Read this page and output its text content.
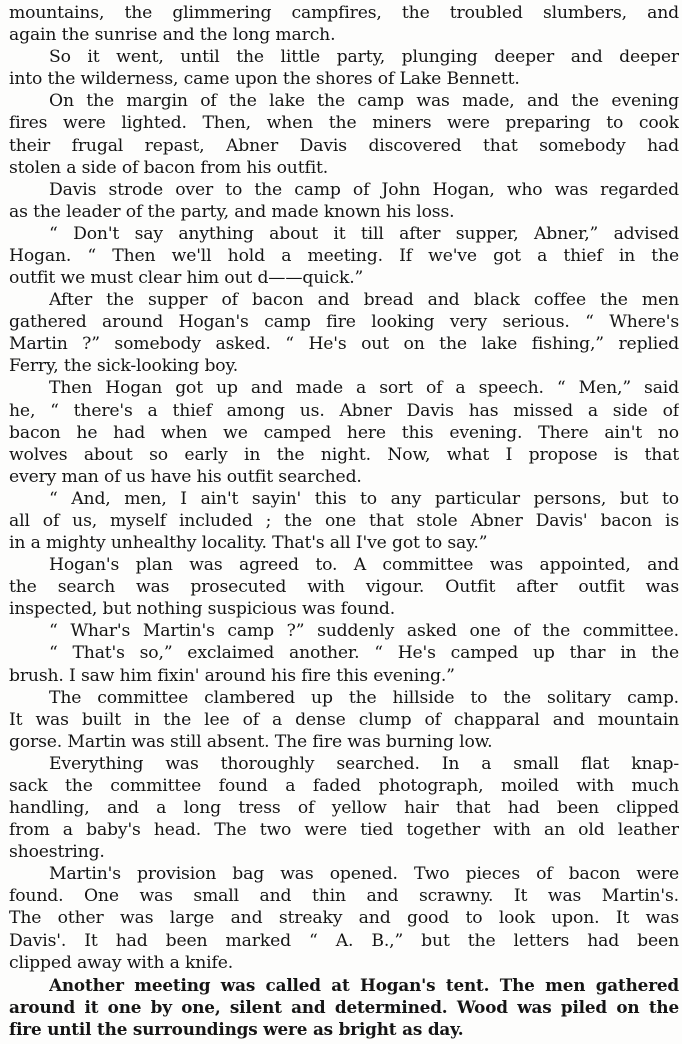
mountains, the glimmering campfires, the troubled slumbers, and
again the sunrise and the long march.
So it went, until the little party, plunging deeper and deeper
into the wilderness, came upon the shores of Lake Bennett.
On the margin of the lake the camp was made, and the evening
fires were lighted. Then, when the miners were preparing to cook
their frugal repast, Abner Davis discovered that somebody had
stolen a side of bacon from his outfit.
Davis strode over to the camp of John Hogan, who was regarded
as the leader of the party, and made known his loss.
“ Don't say anything about it till after supper, Abner,” advised
Hogan. “ Then we'll hold a meeting. If we've got a thief in the
outfit we must clear him out d——quick.”
After the supper of bacon and bread and black coffee the men
gathered around Hogan's camp fire looking very serious. “ Where's
Martin ?” somebody asked. “ He's out on the lake fishing,” replied
Ferry, the sick-looking boy.
Then Hogan got up and made a sort of a speech. “ Men,” said
he, “ there's a thief among us. Abner Davis has missed a side of
bacon he had when we camped here this evening. There ain't no
wolves about so early in the night. Now, what I propose is that
every man of us have his outfit searched.
“ And, men, I ain't sayin' this to any particular persons, but to
all of us, myself included ; the one that stole Abner Davis' bacon is
in a mighty unhealthy locality. That's all I've got to say.”
Hogan's plan was agreed to. A committee was appointed, and
the search was prosecuted with vigour. Outfit after outfit was
inspected, but nothing suspicious was found.
“ Whar's Martin's camp ?” suddenly asked one of the committee.
“ That's so,” exclaimed another. “ He's camped up thar in the
brush. I saw him fixin' around his fire this evening.”
The committee clambered up the hillside to the solitary camp.
It was built in the lee of a dense clump of chapparal and mountain
gorse. Martin was still absent. The fire was burning low.
Everything was thoroughly searched. In a small flat knap-
sack the committee found a faded photograph, moiled with much
handling, and a long tress of yellow hair that had been clipped
from a baby's head. The two were tied together with an old leather
shoestring.
Martin's provision bag was opened. Two pieces of bacon were
found. One was small and thin and scrawny. It was Martin's.
The other was large and streaky and good to look upon. It was
Davis'. It had been marked “ A. B.,” but the letters had been
clipped away with a knife.
Another meeting was called at Hogan's tent. The men gathered
around it one by one, silent and determined. Wood was piled on the
fire until the surroundings were as bright as day.
